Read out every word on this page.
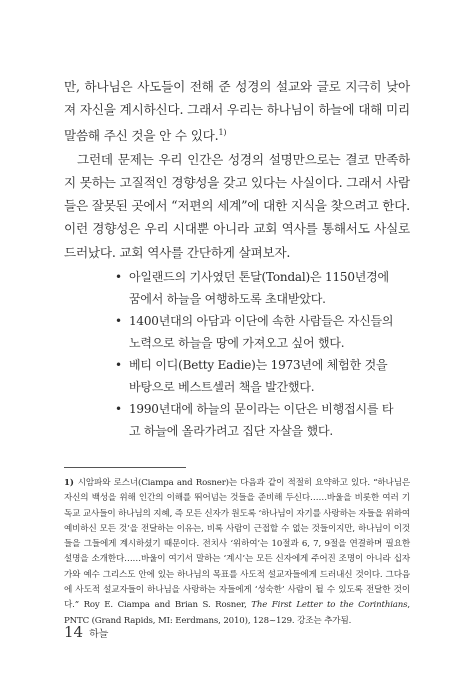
만, 하나님은 사도들이 전해 준 성경의 설교와 글로 지극히 낮아져 자신을 계시하신다. 그래서 우리는 하나님이 하늘에 대해 미리 말씀해 주신 것을 안 수 있다.$^{1)}$

그런데 문제는 우리 인간은 성경의 설명만으로는 결코 만족하지 못하는 고질적인 경향성을 갖고 있다는 사실이다. 그래서 사람들은 잘못된 곳에서 “저편의 세계”에 대한 지식을 찾으려고 한다. 이런 경향성은 우리 시대뿐 아니라 교회 역사를 통해서도 사실로 드러났다. 교회 역사를 간단하게 살펴보자.

• 아일랜드의 기사였던 톤달(Tondal)은 1150년경에 꿈에서 하늘을 여행하도록 초대받았다.
• 1400년대의 아담과 이단에 속한 사람들은 자신들의 노력으로 하늘을 땅에 가져오고 싶어 했다.
• 베티 이디(Betty Eadie)는 1973년에 체험한 것을 바탕으로 베스트셀러 책을 발간했다.
• 1990년대에 하늘의 문이라는 이단은 비행접시를 타고 하늘에 올라가려고 집단 자살을 했다.

1) 시암파와 로스너(Ciampa and Rosner)는 다음과 같이 적절히 요약하고 있다. “하나님은 자신의 백성을 위해 인간의 이해를 뛰어넘는 것들을 준비해 두신다……바울을 비롯한 여러 기독교 교사들이 하나님의 지혜, 즉 모든 신자가 원도록 ‘하나님이 자기를 사랑하는 자들을 위하여 예비하신 모든 것’을 전달하는 이유는, 비록 사람이 근접할 수 없는 것들이지만, 하나님이 이것들을 그들에게 계시하셨기 때문이다. 전치사 ‘위하여’는 10절과 6, 7, 9절을 연결하며 필요한 설명을 소개한다……바울이 여기서 말하는 ‘계시’는 모든 신자에게 주어진 조명이 아니라 십자가와 예수 그리스도 안에 있는 하나님의 목표를 사도적 설교자들에게 드러내신 것이다. 그다음에 사도적 설교자들이 하나님을 사랑하는 자들에게 ‘성숙한’ 사람이 될 수 있도록 전달한 것이다.” Roy E. Ciampa and Brian S. Rosner, The First Letter to the Corinthians, PNTC (Grand Rapids, MI: Eerdmans, 2010), 128~129. 강조는 추가됨.

14 하늘
